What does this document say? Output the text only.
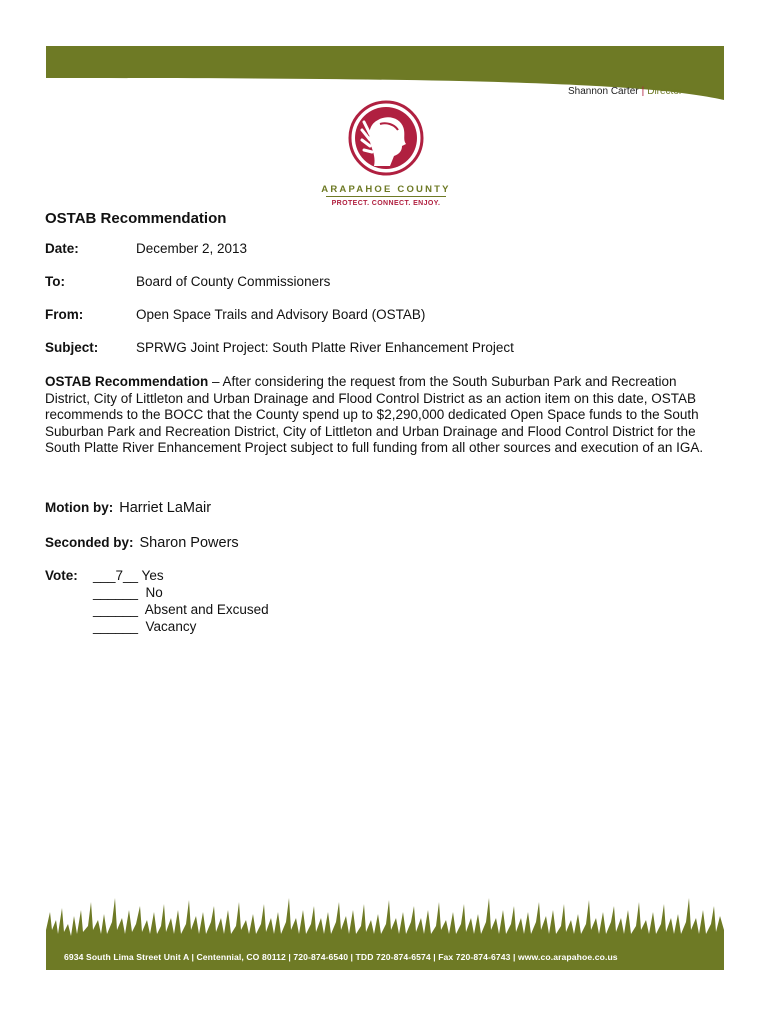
Shannon Carter | Director
ARAPAHOE COUNTY
PROTECT. CONNECT. ENJOY.
OSTAB Recommendation
Date:	December 2, 2013
To:	Board of County Commissioners
From:	Open Space Trails and Advisory Board (OSTAB)
Subject:	SPRWG Joint Project: South Platte River Enhancement Project
OSTAB Recommendation – After considering the request from the South Suburban Park and Recreation District, City of Littleton and Urban Drainage and Flood Control District as an action item on this date, OSTAB recommends to the BOCC that the County spend up to $2,290,000 dedicated Open Space funds to the South Suburban Park and Recreation District, City of Littleton and Urban Drainage and Flood Control District for the South Platte River Enhancement Project subject to full funding from all other sources and execution of an IGA.
Motion by: Harriet LaMair
Seconded by: Sharon Powers
Vote: ___7__ Yes
______  No
______  Absent and Excused
______  Vacancy
6934 South Lima Street Unit A | Centennial, CO 80112 | 720-874-6540 | TDD 720-874-6574 | Fax 720-874-6743 | www.co.arapahoe.co.us
